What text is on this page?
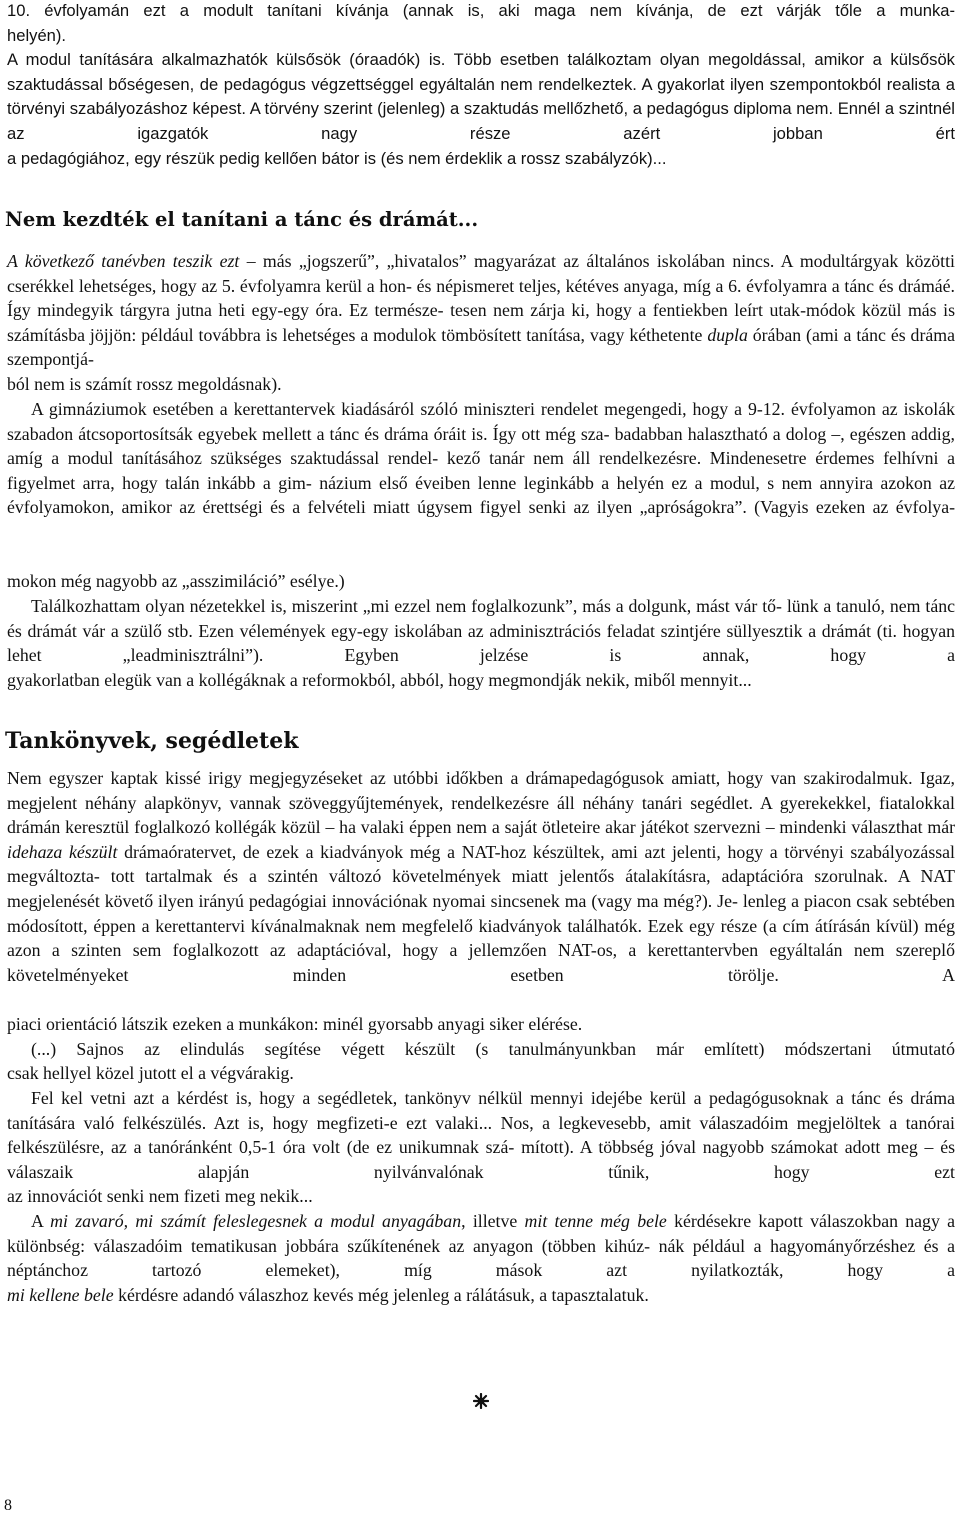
10. évfolyamán ezt a modult tanítani kívánja (annak is, aki maga nem kívánja, de ezt várják tőle a munka-
helyén).
A modul tanítására alkalmazhatók külsősök (óraadók) is. Több esetben találkoztam olyan megoldással, amikor a külsősök szaktudással bőségesen, de pedagógus végzettséggel egyáltalán nem rendelkeztek. A gyakorlat ilyen szempontokból realista a törvényi szabályozáshoz képest. A törvény szerint (jelenleg) a szaktudás mellőzhető, a pedagógus diploma nem. Ennél a szintnél az igazgatók nagy része azért jobban ért
a pedagógiához, egy részük pedig kellően bátor is (és nem érdeklik a rossz szabályzók)...
Nem kezdték el tanítani a tánc és drámát...
A következő tanévben teszik ezt – más „jogszerű”, „hivatalos” magyarázat az általános iskolában nincs. A modultárgyak közötti cserékkel lehetséges, hogy az 5. évfolyamra kerül a hon- és népismeret teljes, kétéves anyaga, míg a 6. évfolyamra a tánc és drámáé. Így mindegyik tárgyra jutna heti egy-egy óra. Ez természe- tesen nem zárja ki, hogy a fentiekben leírt utak-módok közül más is számításba jöjjön: például továbbra is lehetséges a modulok tömbösített tanítása, vagy kéthetente dupla órában (ami a tánc és dráma szempontjá-
ból nem is számít rossz megoldásnak).
A gimnáziumok esetében a kerettantervek kiadásáról szóló miniszteri rendelet megengedi, hogy a 9-12. évfolyamon az iskolák szabadon átcsoportosítsák egyebek mellett a tánc és dráma óráit is. Így ott még sza- badabban halasztható a dolog –, egészen addig, amíg a modul tanításához szükséges szaktudással rendel- kező tanár nem áll rendelkezésre. Mindenesetre érdemes felhívni a figyelmet arra, hogy talán inkább a gim- názium első éveiben lenne leginkább a helyén ez a modul, s nem annyira azokon az évfolyamokon, amikor az érettségi és a felvételi miatt úgysem figyel senki az ilyen „apróságokra”. (Vagyis ezeken az évfolya-
mokon még nagyobb az „asszimiláció” esélye.)
Találkozhattam olyan nézetekkel is, miszerint „mi ezzel nem foglalkozunk”, más a dolgunk, mást vár tő- lünk a tanuló, nem tánc és drámát vár a szülő stb. Ezen vélemények egy-egy iskolában az adminisztrációs feladat szintjére süllyesztik a drámát (ti. hogyan lehet „leadminisztrálni”). Egyben jelzése is annak, hogy a
gyakorlatban elegük van a kollégáknak a reformokból, abból, hogy megmondják nekik, miből mennyit...
Tankönyvek, segédletek
Nem egyszer kaptak kissé irigy megjegyzéseket az utóbbi időkben a drámapedagógusok amiatt, hogy van szakirodalmuk. Igaz, megjelent néhány alapkönyv, vannak szöveggyűjtemények, rendelkezésre áll néhány tanári segédlet. A gyerekekkel, fiatalokkal drámán keresztül foglalkozó kollégák közül – ha valaki éppen nem a saját ötleteire akar játékot szervezni – mindenki választhat már idehaza készült drámaóratervet, de ezek a kiadványok még a NAT-hoz készültek, ami azt jelenti, hogy a törvényi szabályozással megváltozta- tott tartalmak és a szintén változó követelmények miatt jelentős átalakításra, adaptációra szorulnak. A NAT megjelenését követő ilyen irányú pedagógiai innovációnak nyomai sincsenek ma (vagy ma még?). Je- lenleg a piacon csak sebtében módosított, éppen a kerettantervi kívánalmaknak nem megfelelő kiadványok találhatók. Ezek egy része (a cím átírásán kívül) még azon a szinten sem foglalkozott az adaptációval, hogy a jellemzően NAT-os, a kerettantervben egyáltalán nem szereplő követelményeket minden esetben törölje. A
piaci orientáció látszik ezeken a munkákon: minél gyorsabb anyagi siker elérése.
(...) Sajnos az elindulás segítése végett készült (s tanulmányunkban már említett) módszertani útmutató
csak hellyel közel jutott el a végvárakig.
Fel kel vetni azt a kérdést is, hogy a segédletek, tankönyv nélkül mennyi idejébe kerül a pedagógusoknak a tánc és dráma tanítására való felkészülés. Azt is, hogy megfizeti-e ezt valaki... Nos, a legkevesebb, amit válaszadóim megjelöltek a tanórai felkészülésre, az a tanóránként 0,5-1 óra volt (de ez unikumnak szá- mított). A többség jóval nagyobb számokat adott meg – és válaszaik alapján nyilvánvalónak tűnik, hogy ezt
az innovációt senki nem fizeti meg nekik...
A mi zavaró, mi számít feleslegesnek a modul anyagában, illetve mit tenne még bele kérdésekre kapott válaszokban nagy a különbség: válaszadóim tematikusan jobbára szűkítenének az anyagon (többen kihúz- nák például a hagyományőrzéshez és a néptánchoz tartozó elemeket), míg mások azt nyilatkozták, hogy a
mi kellene bele kérdésre adandó válaszhoz kevés még jelenleg a rálátásuk, a tapasztalatuk.
8
